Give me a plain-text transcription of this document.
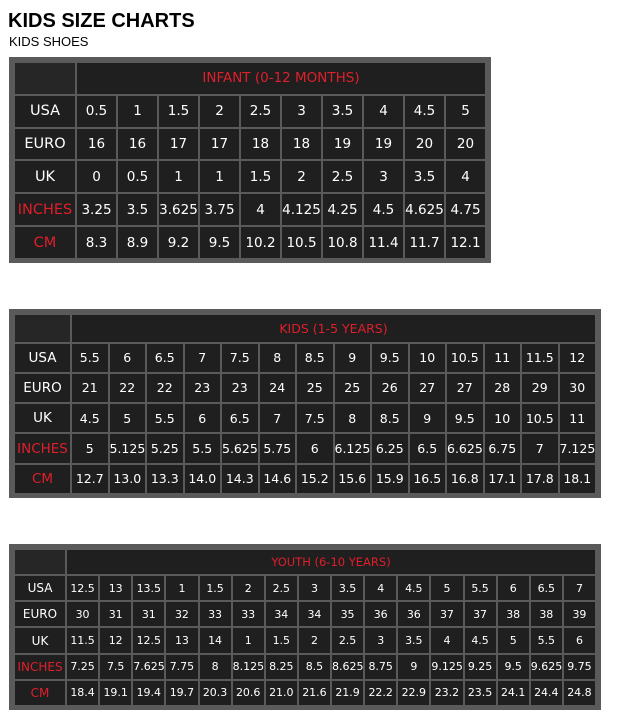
KIDS SIZE CHARTS
KIDS SHOES
	INFANT (0-12 MONTHS)									
USA	0.5	1	1.5	2	2.5	3	3.5	4	4.5	5
EURO	16	16	17	17	18	18	19	19	20	20
UK	0	0.5	1	1	1.5	2	2.5	3	3.5	4
INCHES	3.25	3.5	3.625	3.75	4	4.125	4.25	4.5	4.625	4.75
CM	8.3	8.9	9.2	9.5	10.2	10.5	10.8	11.4	11.7	12.1
	KIDS (1-5 YEARS)													
USA	5.5	6	6.5	7	7.5	8	8.5	9	9.5	10	10.5	11	11.5	12
EURO	21	22	22	23	23	24	25	25	26	27	27	28	29	30
UK	4.5	5	5.5	6	6.5	7	7.5	8	8.5	9	9.5	10	10.5	11
INCHES	5	5.125	5.25	5.5	5.625	5.75	6	6.125	6.25	6.5	6.625	6.75	7	7.125
CM	12.7	13.0	13.3	14.0	14.3	14.6	15.2	15.6	15.9	16.5	16.8	17.1	17.8	18.1
	YOUTH (6-10 YEARS)															
USA	12.5	13	13.5	1	1.5	2	2.5	3	3.5	4	4.5	5	5.5	6	6.5	7
EURO	30	31	31	32	33	33	34	34	35	36	36	37	37	38	38	39
UK	11.5	12	12.5	13	14	1	1.5	2	2.5	3	3.5	4	4.5	5	5.5	6
INCHES	7.25	7.5	7.625	7.75	8	8.125	8.25	8.5	8.625	8.75	9	9.125	9.25	9.5	9.625	9.75
CM	18.4	19.1	19.4	19.7	20.3	20.6	21.0	21.6	21.9	22.2	22.9	23.2	23.5	24.1	24.4	24.8
